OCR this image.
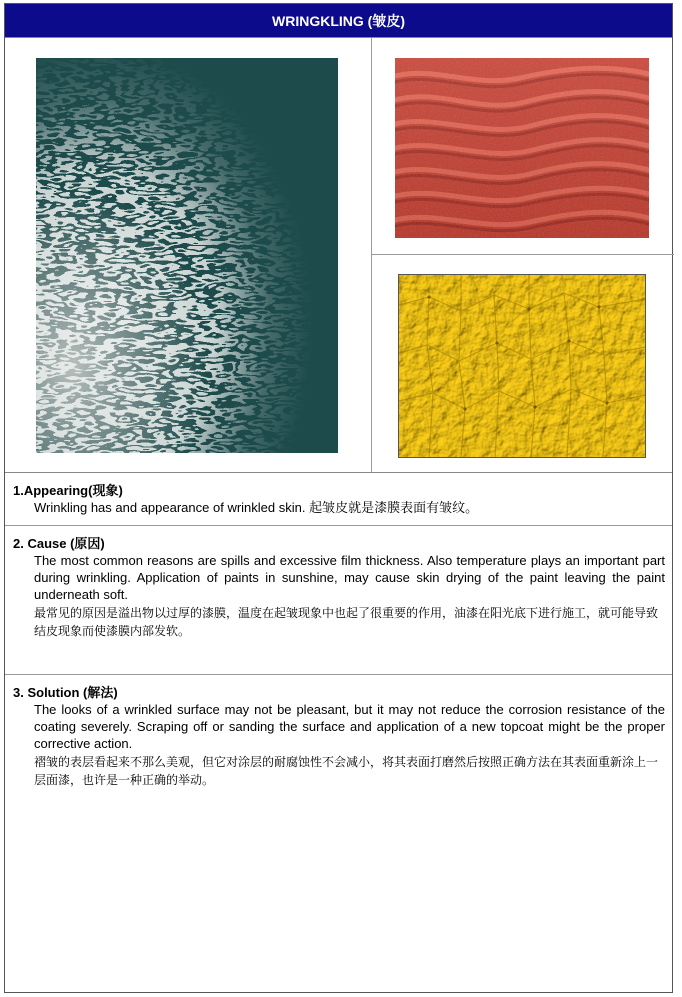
WRINGKLING (皱皮)
1.Appearing(现象)
Wrinkling has and appearance of wrinkled skin. 起皱皮就是漆膜表面有皱纹。
2. Cause (原因)
The most common reasons are spills and excessive film thickness. Also temperature plays an important part during wrinkling. Application of paints in sunshine, may cause skin drying of the paint leaving the paint underneath soft.
最常见的原因是溢出物以过厚的漆膜，温度在起皱现象中也起了很重要的作用，油漆在阳光底下进行施工，就可能导致结皮现象而使漆膜内部发软。
3. Solution (解法)
The looks of a wrinkled surface may not be pleasant, but it may not reduce the corrosion resistance of the coating severely. Scraping off or sanding the surface and application of a new topcoat might be the proper corrective action.
褶皱的表层看起来不那么美观，但它对涂层的耐腐蚀性不会减小，将其表面打磨然后按照正确方法在其表面重新涂上一层面漆，也许是一种正确的举动。
